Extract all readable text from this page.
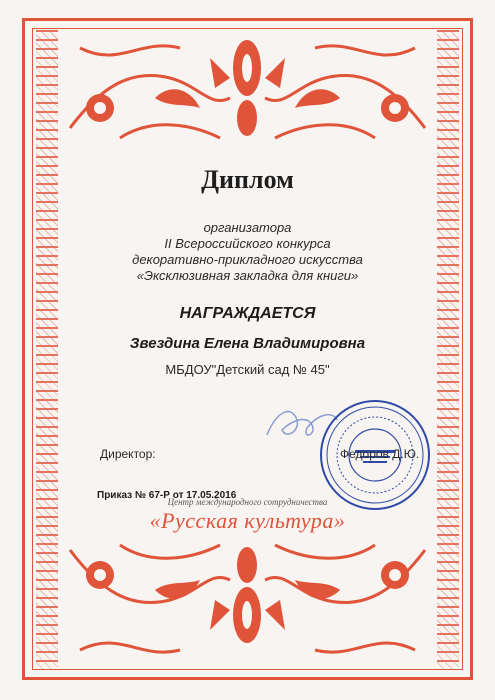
Диплом
организатора
II Всероссийского конкурса
декоративно-прикладного искусства
«Эксклюзивная закладка для книги»
НАГРАЖДАЕТСЯ
Звездина Елена Владимировна
МБДОУ"Детский сад № 45"
Директор:	Федоров Д.Ю.
Приказ № 67-Р от 17.05.2016
Центр международного сотрудничества
«Русская культура»
